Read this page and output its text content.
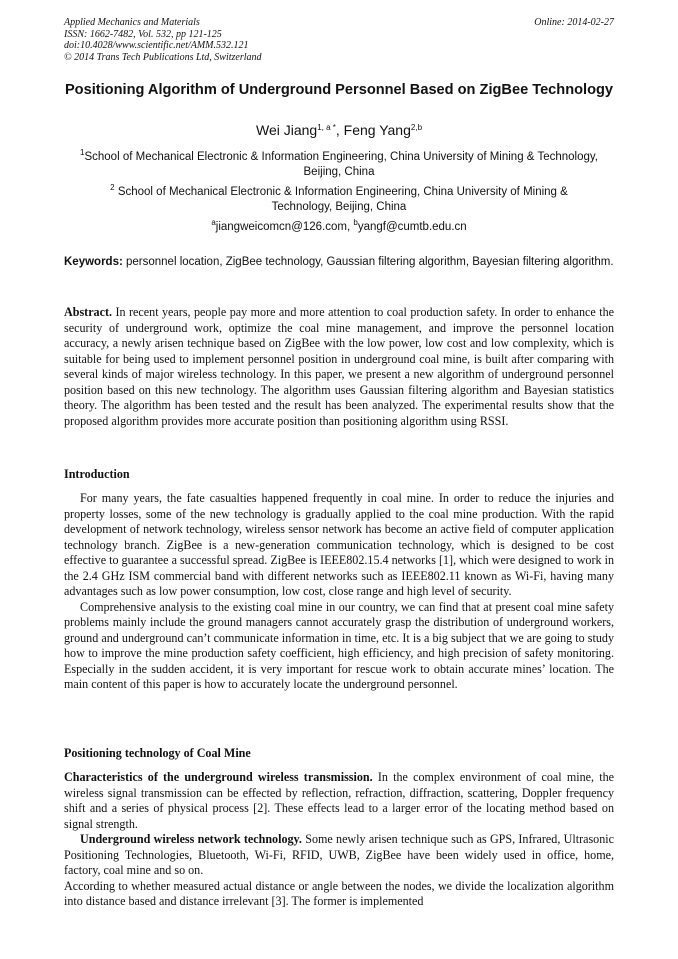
Applied Mechanics and Materials
ISSN: 1662-7482, Vol. 532, pp 121-125
doi:10.4028/www.scientific.net/AMM.532.121
© 2014 Trans Tech Publications Ltd, Switzerland
Online: 2014-02-27
Positioning Algorithm of Underground Personnel Based on ZigBee Technology
Wei Jiang$^{1, a *}$, Feng Yang$^{2,b}$
$^1$School of Mechanical Electronic & Information Engineering, China University of Mining & Technology, Beijing, China
$^2$ School of Mechanical Electronic & Information Engineering, China University of Mining & Technology, Beijing, China
$^a$jiangweicomcn@126.com, $^b$yangf@cumtb.edu.cn
Keywords: personnel location, ZigBee technology, Gaussian filtering algorithm, Bayesian filtering algorithm.
Abstract. In recent years, people pay more and more attention to coal production safety. In order to enhance the security of underground work, optimize the coal mine management, and improve the personnel location accuracy, a newly arisen technique based on ZigBee with the low power, low cost and low complexity, which is suitable for being used to implement personnel position in underground coal mine, is built after comparing with several kinds of major wireless technology. In this paper, we present a new algorithm of underground personnel position based on this new technology. The algorithm uses Gaussian filtering algorithm and Bayesian statistics theory. The algorithm has been tested and the result has been analyzed. The experimental results show that the proposed algorithm provides more accurate position than positioning algorithm using RSSI.
Introduction

For many years, the fate casualties happened frequently in coal mine. In order to reduce the injuries and property losses, some of the new technology is gradually applied to the coal mine production. With the rapid development of network technology, wireless sensor network has become an active field of computer application technology branch. ZigBee is a new-generation communication technology, which is designed to be cost effective to guarantee a successful spread. ZigBee is IEEE802.15.4 networks [1], which were designed to work in the 2.4 GHz ISM commercial band with different networks such as IEEE802.11 known as Wi-Fi, having many advantages such as low power consumption, low cost, close range and high level of security.

Comprehensive analysis to the existing coal mine in our country, we can find that at present coal mine safety problems mainly include the ground managers cannot accurately grasp the distribution of underground workers, ground and underground can’t communicate information in time, etc. It is a big subject that we are going to study how to improve the mine production safety coefficient, high efficiency, and high precision of safety monitoring. Especially in the sudden accident, it is very important for rescue work to obtain accurate mines’ location. The main content of this paper is how to accurately locate the underground personnel.

Positioning technology of Coal Mine

Characteristics of the underground wireless transmission. In the complex environment of coal mine, the wireless signal transmission can be effected by reflection, refraction, diffraction, scattering, Doppler frequency shift and a series of physical process [2]. These effects lead to a larger error of the locating method based on signal strength.

Underground wireless network technology. Some newly arisen technique such as GPS, Infrared, Ultrasonic Positioning Technologies, Bluetooth, Wi-Fi, RFID, UWB, ZigBee have been widely used in office, home, factory, coal mine and so on.

According to whether measured actual distance or angle between the nodes, we divide the localization algorithm into distance based and distance irrelevant [3]. The former is implemented
